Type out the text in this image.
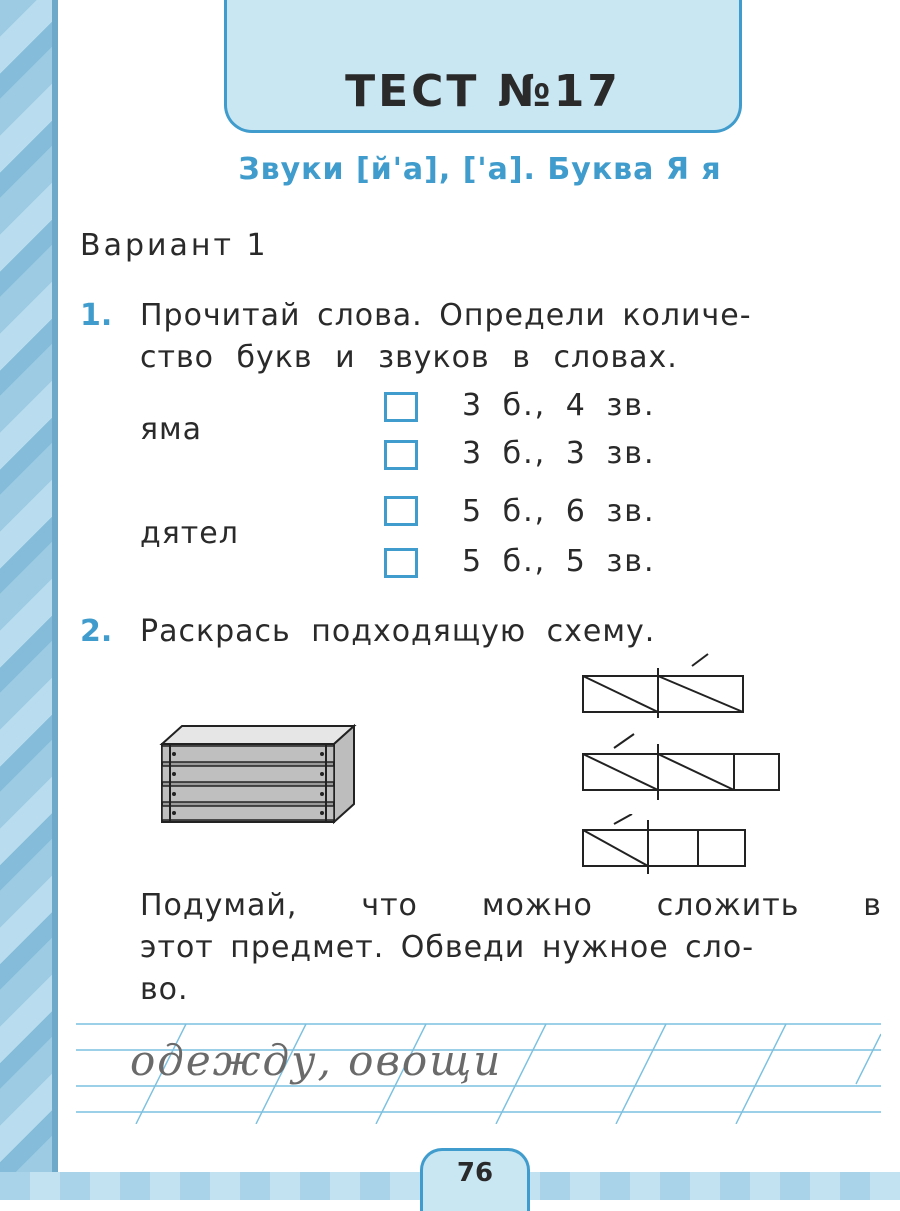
ТЕСТ №17
Звуки [й'а], ['а]. Буква Я я
Вариант 1
1. Прочитай слова. Определи количе-
ство букв и звуков в словах.
яма
3 б., 4 зв.
3 б., 3 зв.
дятел
5 б., 6 зв.
5 б., 5 зв.
2. Раскрась подходящую схему.
Подумай, что можно сложить в
этот предмет. Обведи нужное сло-
во.
одежду, овощи
76
